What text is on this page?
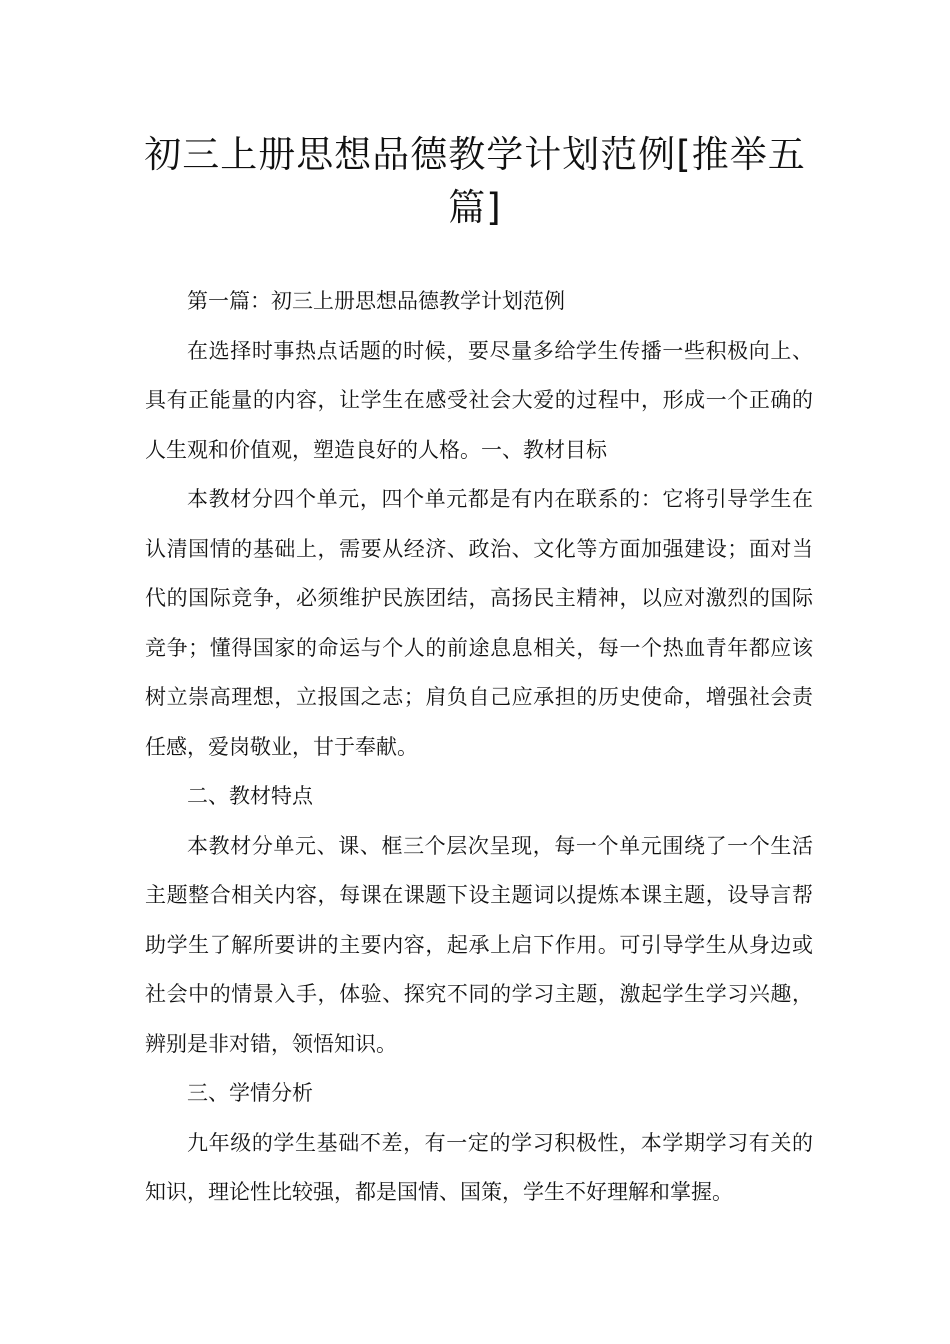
初三上册思想品德教学计划范例[推举五篇]

第一篇：初三上册思想品德教学计划范例

在选择时事热点话题的时候，要尽量多给学生传播一些积极向上、具有正能量的内容，让学生在感受社会大爱的过程中，形成一个正确的人生观和价值观，塑造良好的人格。一、教材目标

本教材分四个单元，四个单元都是有内在联系的：它将引导学生在认清国情的基础上，需要从经济、政治、文化等方面加强建设；面对当代的国际竞争，必须维护民族团结，高扬民主精神，以应对激烈的国际竞争；懂得国家的命运与个人的前途息息相关，每一个热血青年都应该树立崇高理想，立报国之志；肩负自己应承担的历史使命，增强社会责任感，爱岗敬业，甘于奉献。

二、教材特点

本教材分单元、课、框三个层次呈现，每一个单元围绕了一个生活主题整合相关内容，每课在课题下设主题词以提炼本课主题，设导言帮助学生了解所要讲的主要内容，起承上启下作用。可引导学生从身边或社会中的情景入手，体验、探究不同的学习主题，激起学生学习兴趣，辨别是非对错，领悟知识。

三、学情分析

九年级的学生基础不差，有一定的学习积极性，本学期学习有关的知识，理论性比较强，都是国情、国策，学生不好理解和掌握。
